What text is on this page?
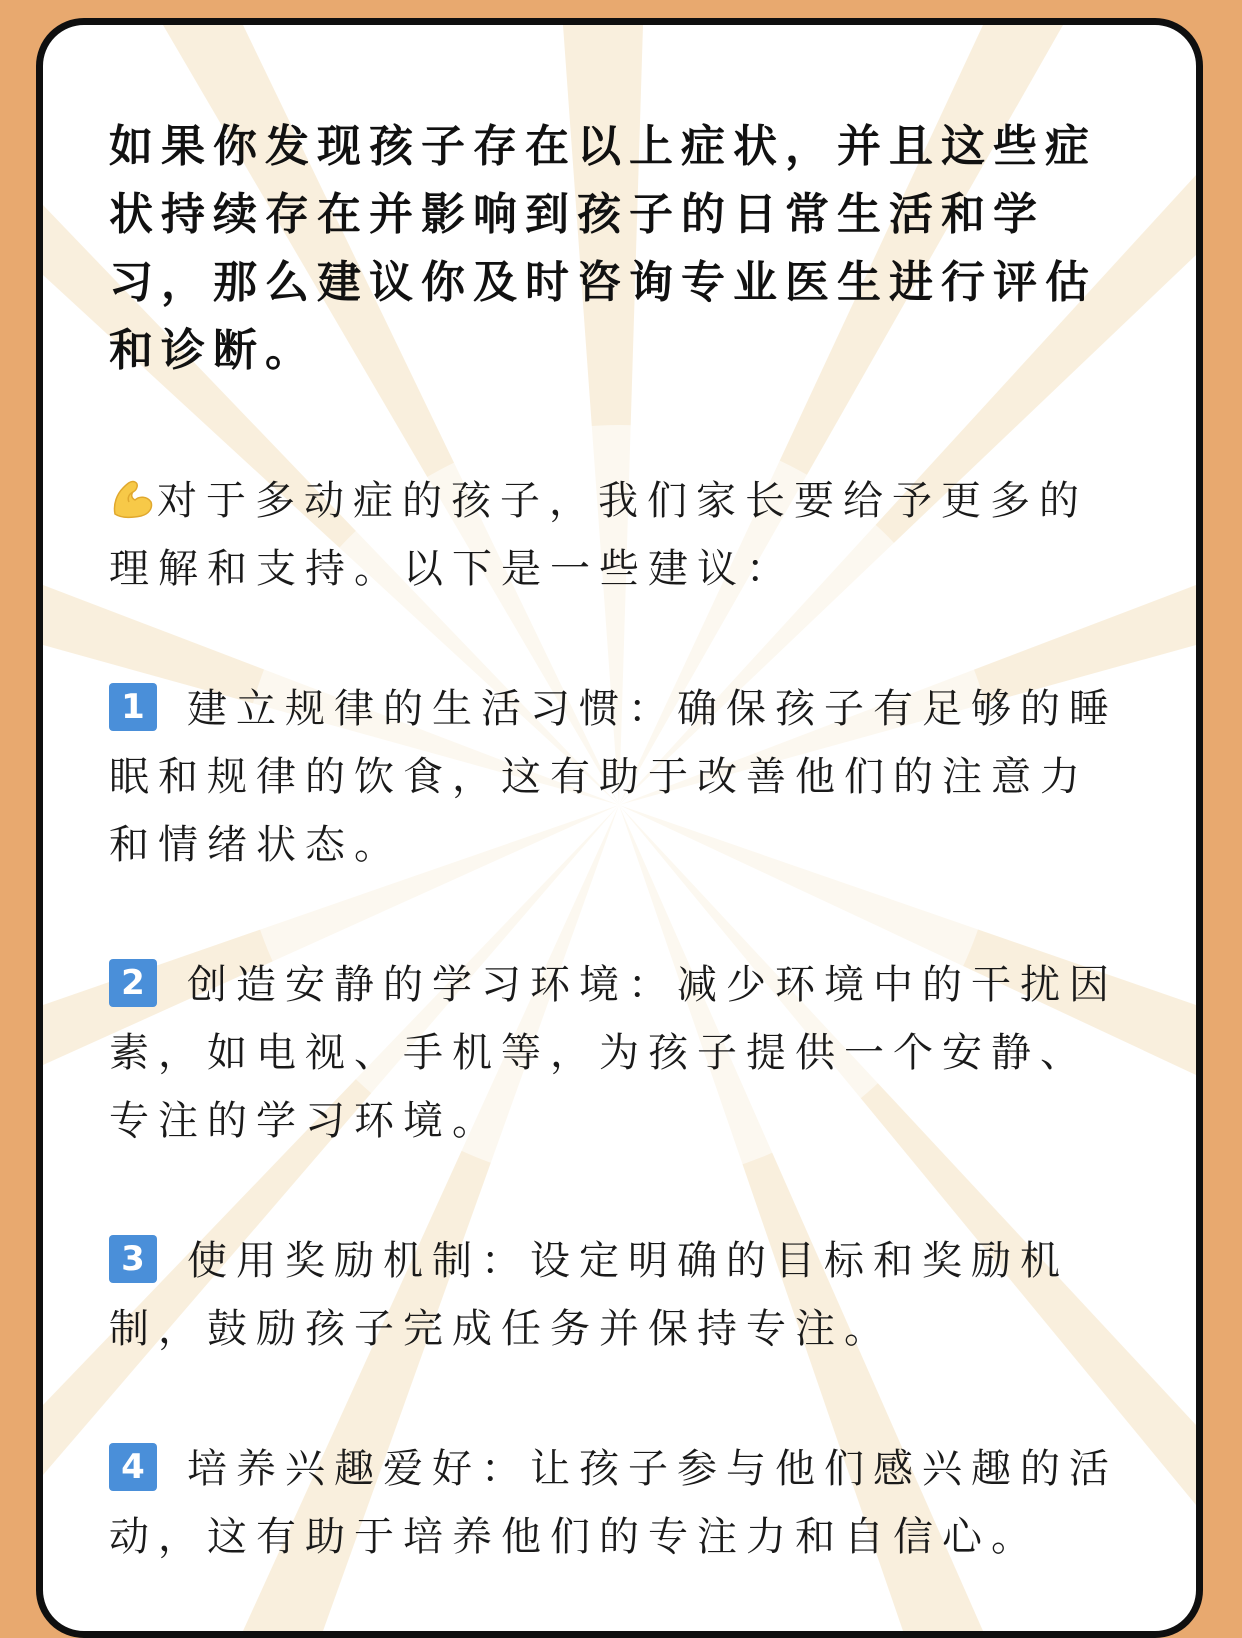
如果你发现孩子存在以上症状，并且这些症状持续存在并影响到孩子的日常生活和学习，那么建议你及时咨询专业医生进行评估和诊断。

对于多动症的孩子，我们家长要给予更多的理解和支持。以下是一些建议：
1 建立规律的生活习惯：确保孩子有足够的睡眠和规律的饮食，这有助于改善他们的注意力和情绪状态。
2 创造安静的学习环境：减少环境中的干扰因素，如电视、手机等，为孩子提供一个安静、专注的学习环境。
3 使用奖励机制：设定明确的目标和奖励机制，鼓励孩子完成任务并保持专注。
4 培养兴趣爱好：让孩子参与他们感兴趣的活动，这有助于培养他们的专注力和自信心。
